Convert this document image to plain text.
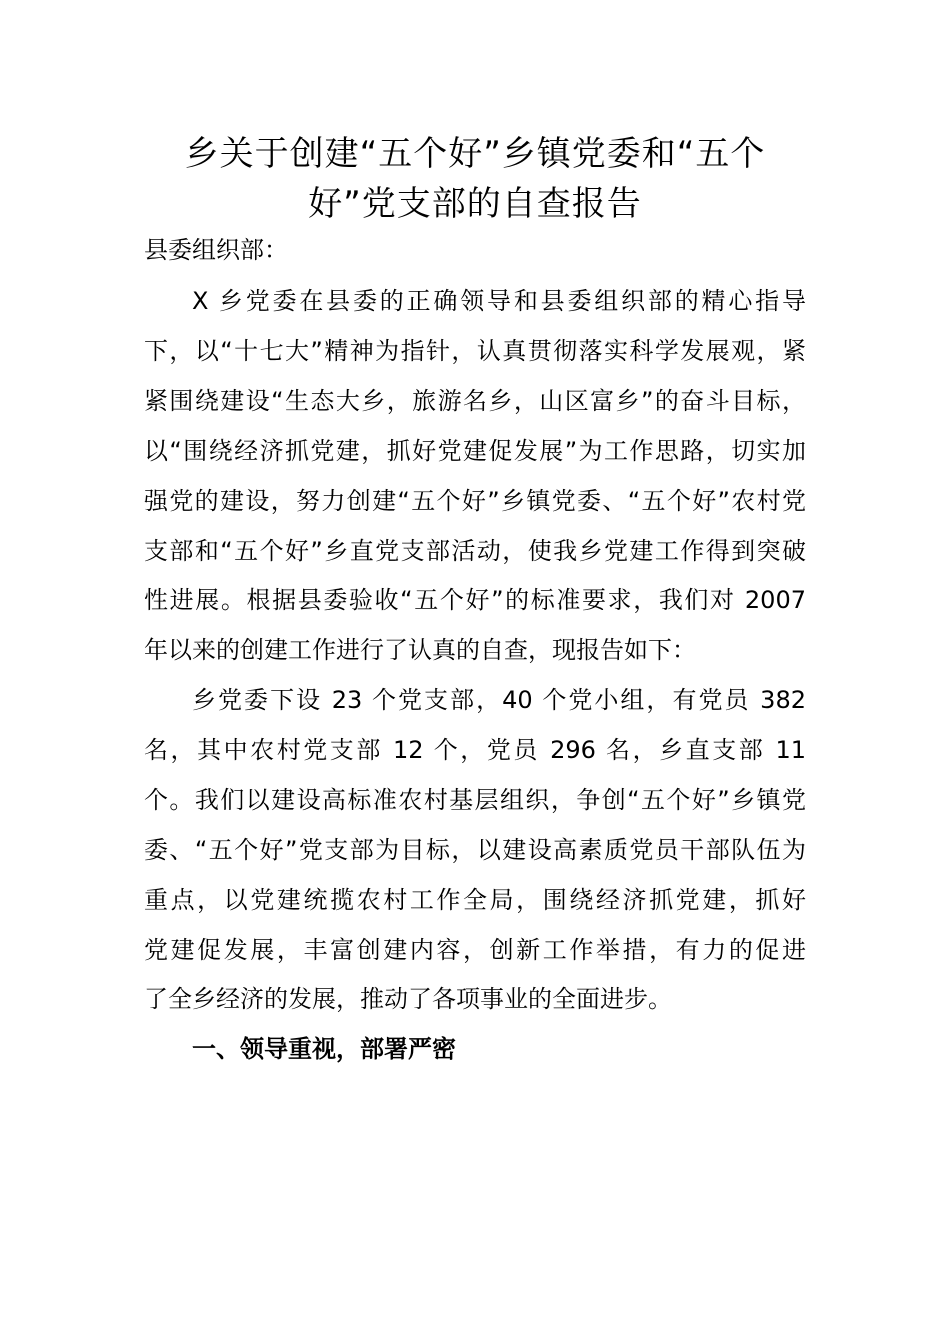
乡关于创建“五个好”乡镇党委和“五个
好”党支部的自查报告

县委组织部：

X 乡党委在县委的正确领导和县委组织部的精心指导

下，以“十七大”精神为指针，认真贯彻落实科学发展观，紧

紧围绕建设“生态大乡，旅游名乡，山区富乡”的奋斗目标，

以“围绕经济抓党建，抓好党建促发展”为工作思路，切实加

强党的建设，努力创建“五个好”乡镇党委、“五个好”农村党

支部和“五个好”乡直党支部活动，使我乡党建工作得到突破

性进展。根据县委验收“五个好”的标准要求，我们对 2007

年以来的创建工作进行了认真的自查，现报告如下：

乡党委下设 23 个党支部，40 个党小组，有党员 382

名，其中农村党支部 12 个，党员 296 名，乡直支部 11

个。我们以建设高标准农村基层组织，争创“五个好”乡镇党

委、“五个好”党支部为目标，以建设高素质党员干部队伍为

重点，以党建统揽农村工作全局，围绕经济抓党建，抓好

党建促发展，丰富创建内容，创新工作举措，有力的促进

了全乡经济的发展，推动了各项事业的全面进步。

一、领导重视，部署严密
